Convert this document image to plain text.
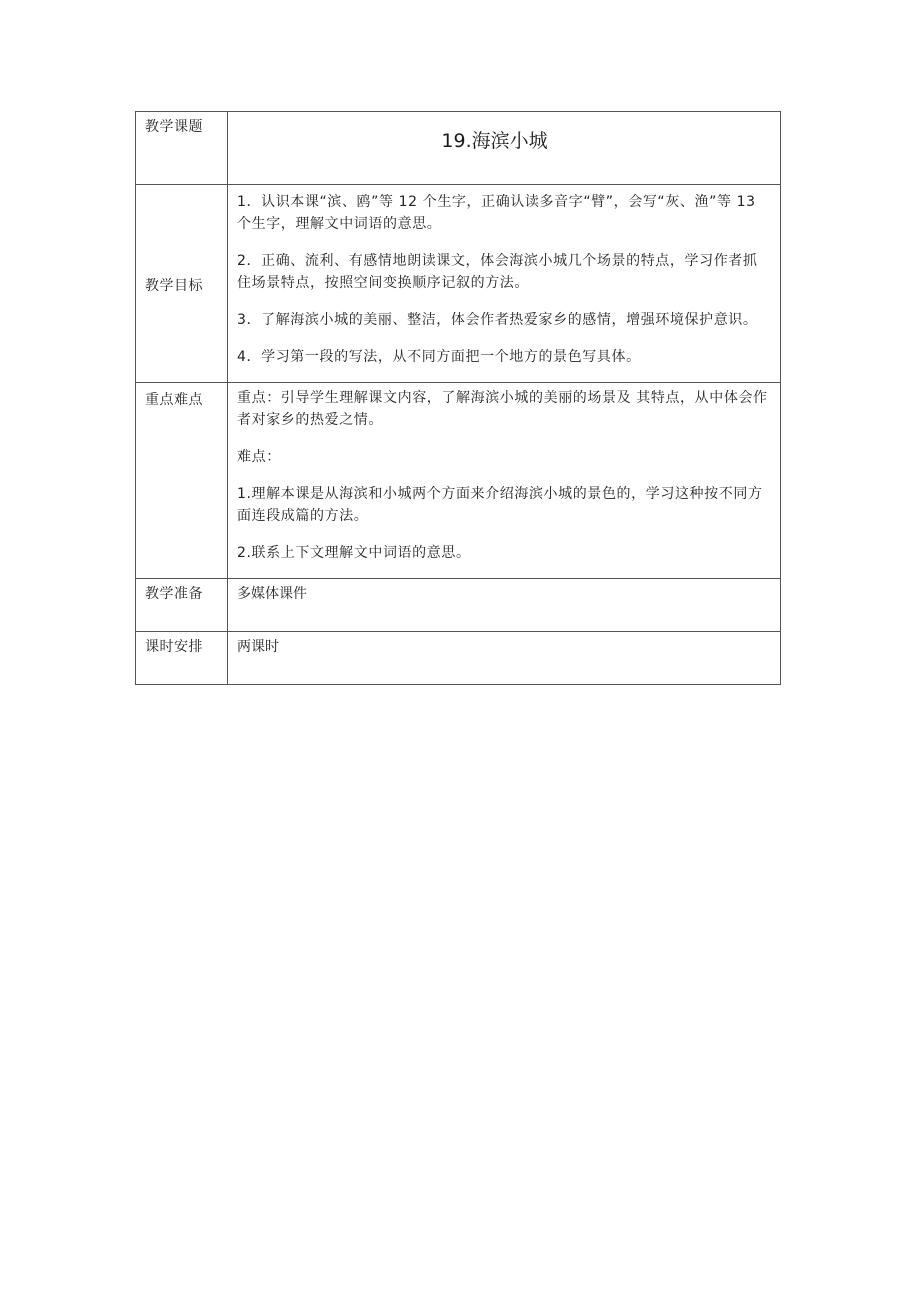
教学课题	19.海滨小城

教学目标	1．认识本课“滨、鸥”等 12 个生字，正确认读多音字“臂”，会写“灰、渔”等 13 个生字，理解文中词语的意思。

2．正确、流利、有感情地朗读课文，体会海滨小城几个场景的特点，学习作者抓住场景特点，按照空间变换顺序记叙的方法。

3．了解海滨小城的美丽、整洁，体会作者热爱家乡的感情，增强环境保护意识。

4．学习第一段的写法，从不同方面把一个地方的景色写具体。

重点难点	重点：引导学生理解课文内容，了解海滨小城的美丽的场景及 其特点，从中体会作者对家乡的热爱之情。

难点：

1.理解本课是从海滨和小城两个方面来介绍海滨小城的景色的，学习这种按不同方面连段成篇的方法。

2.联系上下文理解文中词语的意思。

教学准备	多媒体课件
课时安排	两课时
